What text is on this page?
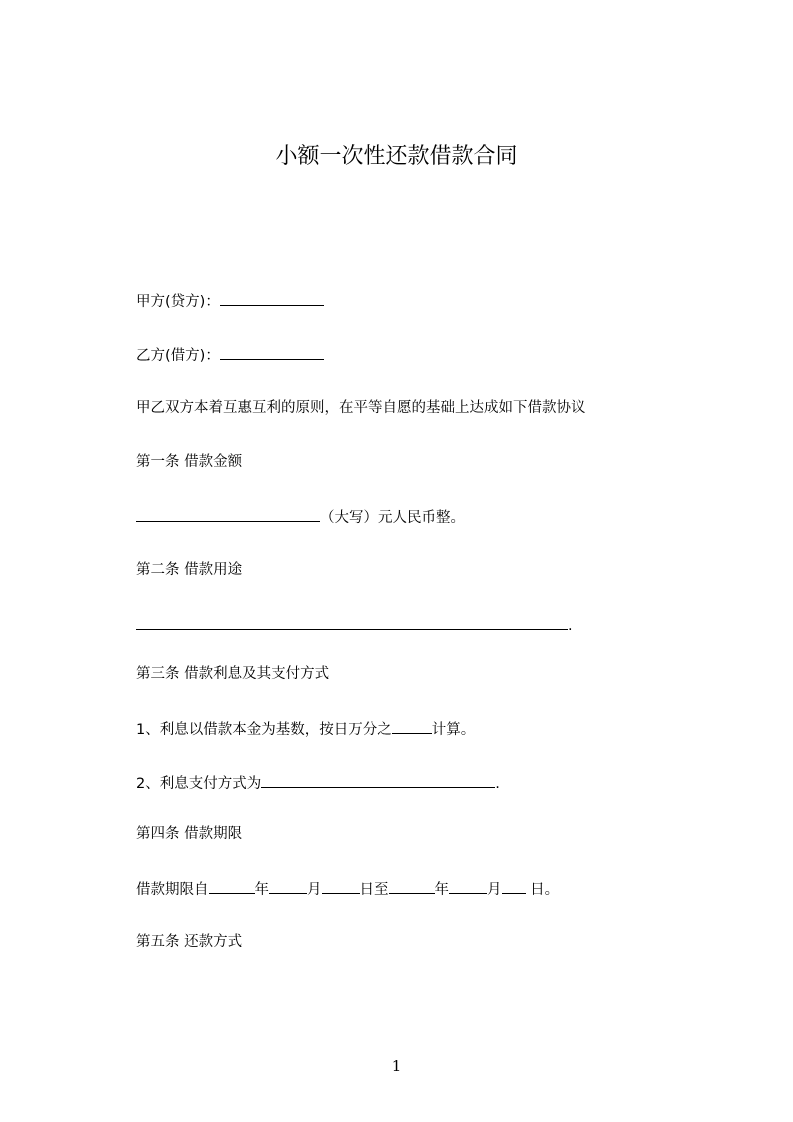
小额一次性还款借款合同
甲方(贷方)：
乙方(借方)：
甲乙双方本着互惠互利的原则，在平等自愿的基础上达成如下借款协议
第一条 借款金额
（大写）元人民币整。
第二条 借款用途
.
第三条 借款利息及其支付方式
1、利息以借款本金为基数，按日万分之	计算。
2、利息支付方式为	.
第四条 借款期限
借款期限自	年	月	日至	年	月 日。
第五条 还款方式
1
